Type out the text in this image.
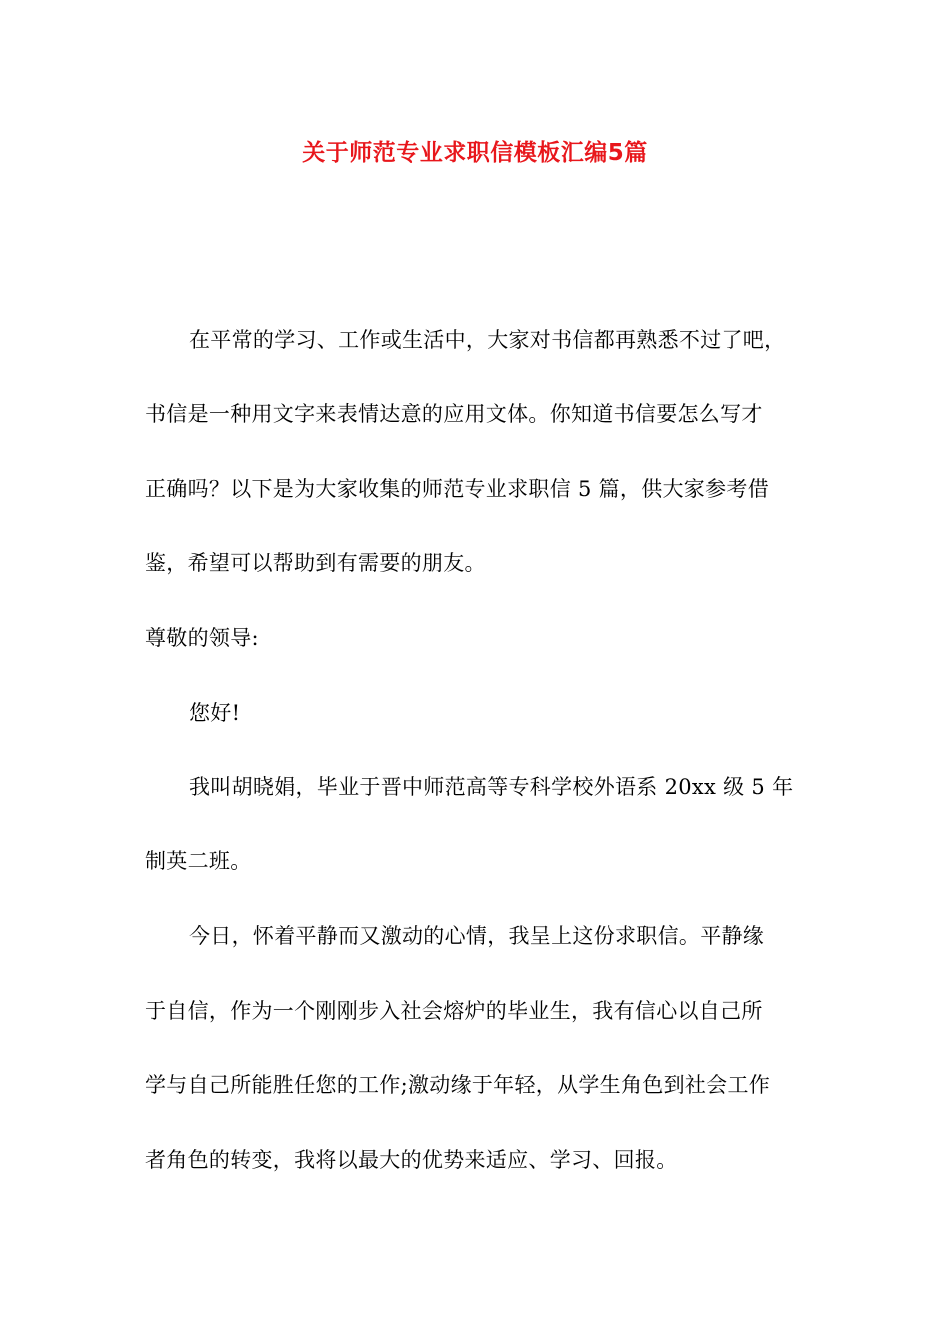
关于师范专业求职信模板汇编5篇
在平常的学习、工作或生活中，大家对书信都再熟悉不过了吧，
书信是一种用文字来表情达意的应用文体。你知道书信要怎么写才
正确吗？以下是为大家收集的师范专业求职信 5 篇，供大家参考借
鉴，希望可以帮助到有需要的朋友。
尊敬的领导:
您好!
我叫胡晓娟，毕业于晋中师范高等专科学校外语系 20xx 级 5 年
制英二班。
今日，怀着平静而又激动的心情，我呈上这份求职信。平静缘
于自信，作为一个刚刚步入社会熔炉的毕业生，我有信心以自己所
学与自己所能胜任您的工作;激动缘于年轻，从学生角色到社会工作
者角色的转变，我将以最大的优势来适应、学习、回报。
